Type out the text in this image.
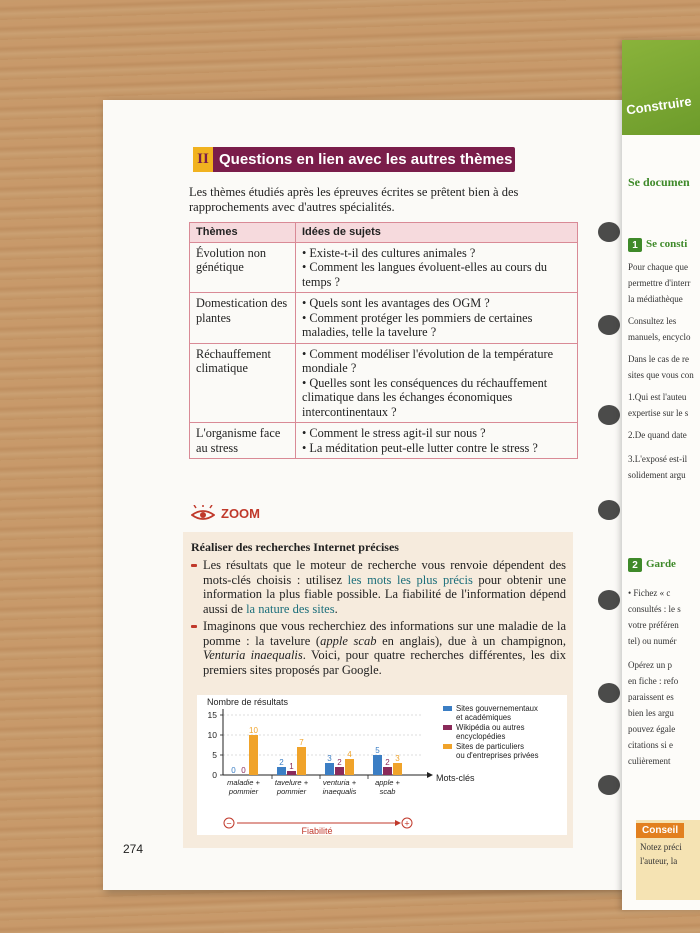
II Questions en lien avec les autres thèmes

Les thèmes étudiés après les épreuves écrites se prêtent bien à des rapprochements avec d'autres spécialités.

Thèmes	Idées de sujets
Évolution non génétique	• Existe-t-il des cultures animales ?
• Comment les langues évoluent-elles au cours du temps ?

Domestication des plantes	• Quels sont les avantages des OGM ?
• Comment protéger les pommiers de certaines maladies, telle la tavelure ?

Réchauffement climatique	• Comment modéliser l'évolution de la température mondiale ?
• Quelles sont les conséquences du réchauffement climatique dans les échanges économiques intercontinentaux ?

L'organisme face au stress	• Comment le stress agit-il sur nous ?
• La méditation peut-elle lutter contre le stress ?
ZOOM
Réaliser des recherches Internet précises
Les résultats que le moteur de recherche vous renvoie dépendent des mots-clés choisis : utilisez les mots les plus précis pour obtenir une information la plus fiable possible. La fiabilité de l'information dépend aussi de la nature des sites.
Imaginons que vous recherchiez des informations sur une maladie de la pomme : la tavelure (apple scab en anglais), due à un champignon, Venturia inaequalis. Voici, pour quatre recherches différentes, les dix premiers sites proposés par Google.
Nombre de résultats
15
10
5
0	Mots-clés
0 0
10
maladie +
pommier
2 1
7
tavelure +
pommier
3 2
4
venturia +
inaequalis
5
2 3
apple +
scab
Sites gouvernementaux
et académiques
Wikipédia ou autres
encyclopédies
Sites de particuliers
ou d'entreprises privées
−	+
Fiabilité
274
Construire
Se documen
1 Se consti
Pour chaque que
permettre d'interr
la médiathèque
Consultez les
manuels, encyclo
Dans le cas de re
sites que vous con
1.Qui est l'auteu
expertise sur le s
2.De quand date
3.L'exposé est-il
solidement argu
2 Garde
• Fichez « c
consultés : le s
votre préféren
tel) ou numér
Opérez un p
en fiche : refo
paraissent es
bien les argu
pouvez égale
citations si e
culièrement
Conseil
Notez préci
l'auteur, la
